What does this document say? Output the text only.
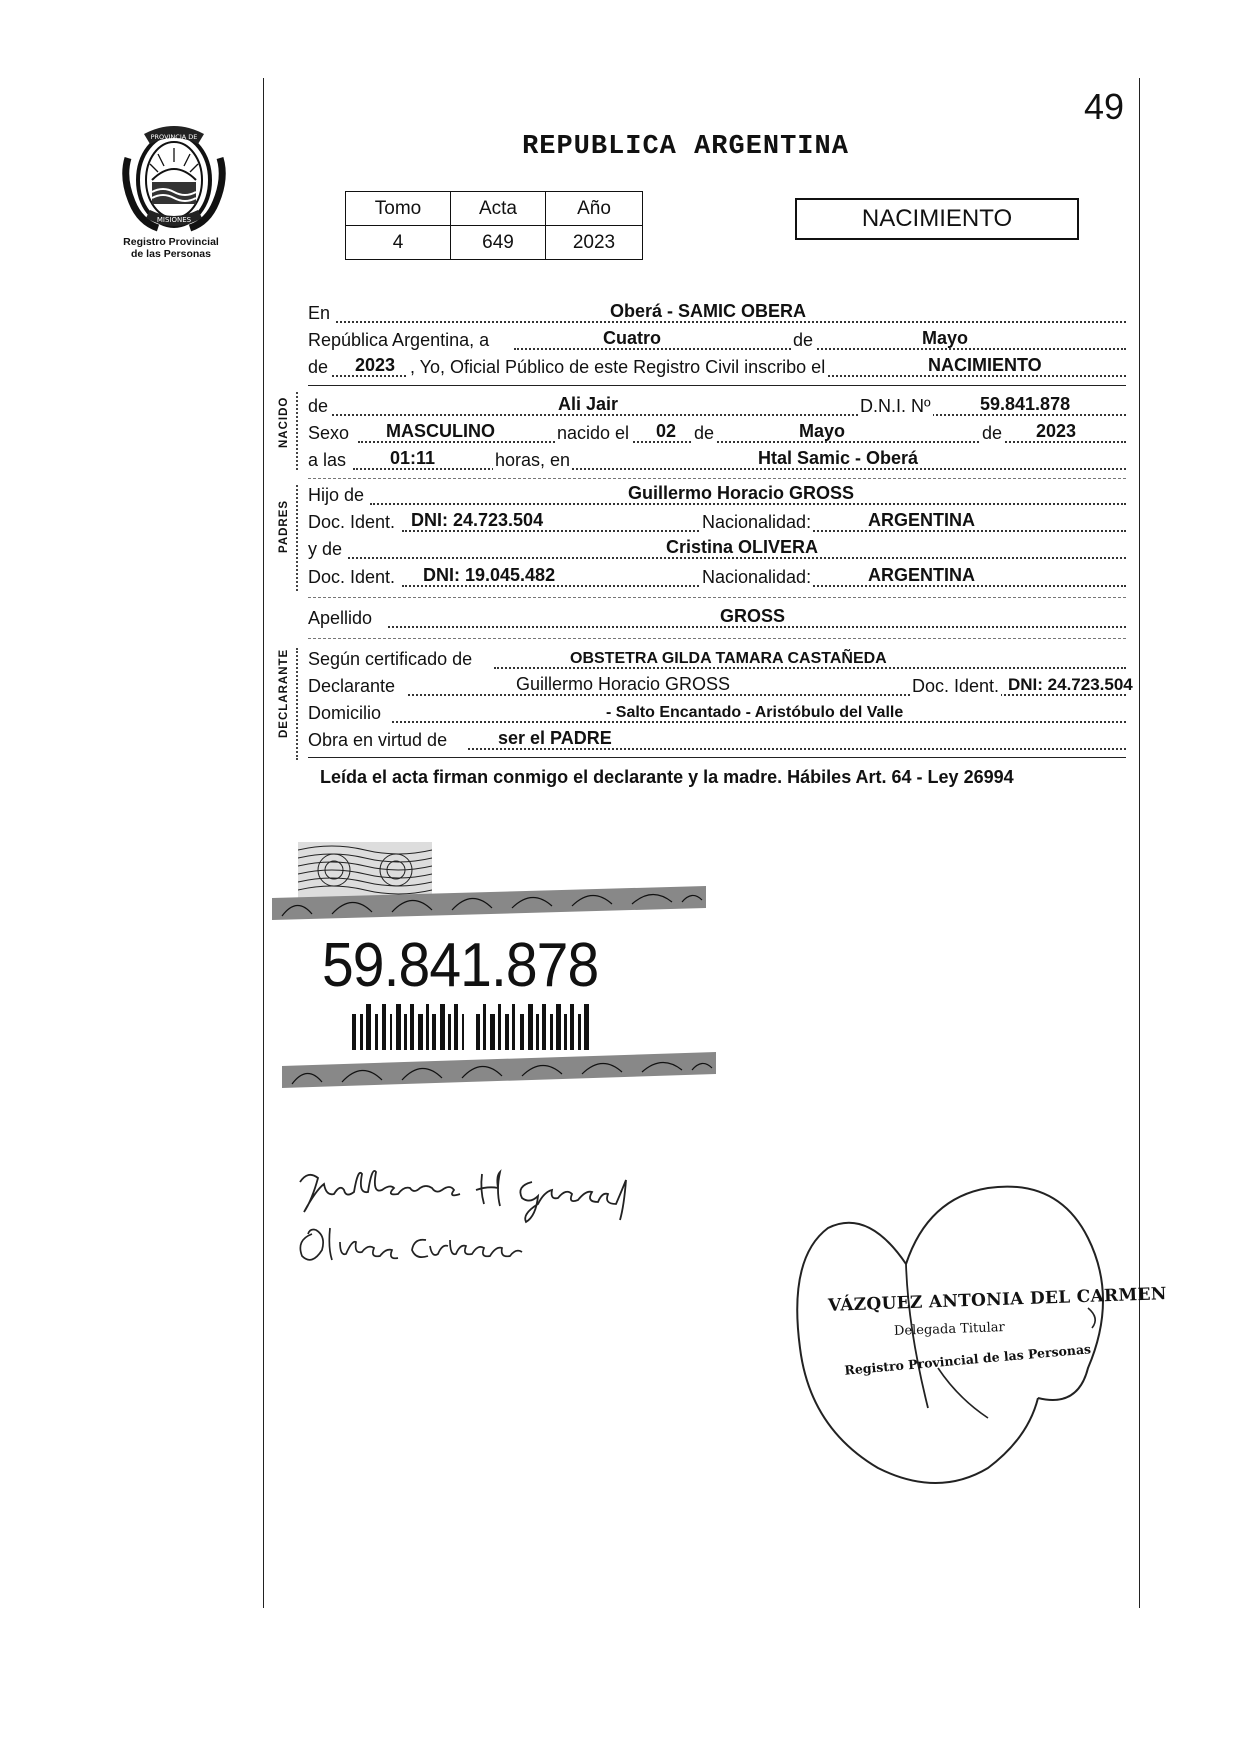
49
PROVINCIA DE
MISIONES
Registro Provincial
de las Personas
REPUBLICA ARGENTINA
Tomo	Acta	Año
4	649	2023
NACIMIENTO
En	Oberá - SAMIC OBERA
República Argentina, a	Cuatro	de	Mayo
de 2023 , Yo, Oficial Público de este Registro Civil inscribo el	NACIMIENTO
NACIDO de	Ali Jair	D.N.I. Nº	59.841.878
Sexo MASCULINO	nacido el 02 de	Mayo	de 2023
a las 01:11	horas, en	Htal Samic - Oberá
PADRES
Hijo de	Guillermo Horacio GROSS
Doc. Ident. DNI: 24.723.504	Nacionalidad:	ARGENTINA
y de	Cristina OLIVERA
Doc. Ident. DNI: 19.045.482	Nacionalidad:	ARGENTINA
Apellido	GROSS
DECLARANTE Según certificado de	OBSTETRA GILDA TAMARA CASTAÑEDA
Declarante	Guillermo Horacio GROSS	Doc. Ident. DNI: 24.723.504
Domicilio	- Salto Encantado - Aristóbulo del Valle
Obra en virtud de	ser el PADRE
Leída el acta firman conmigo el declarante y la madre. Hábiles Art. 64 - Ley 26994
59.841.878
VÁZQUEZ ANTONIA DEL CARMEN
Delegada Titular
Registro Provincial de las Personas
